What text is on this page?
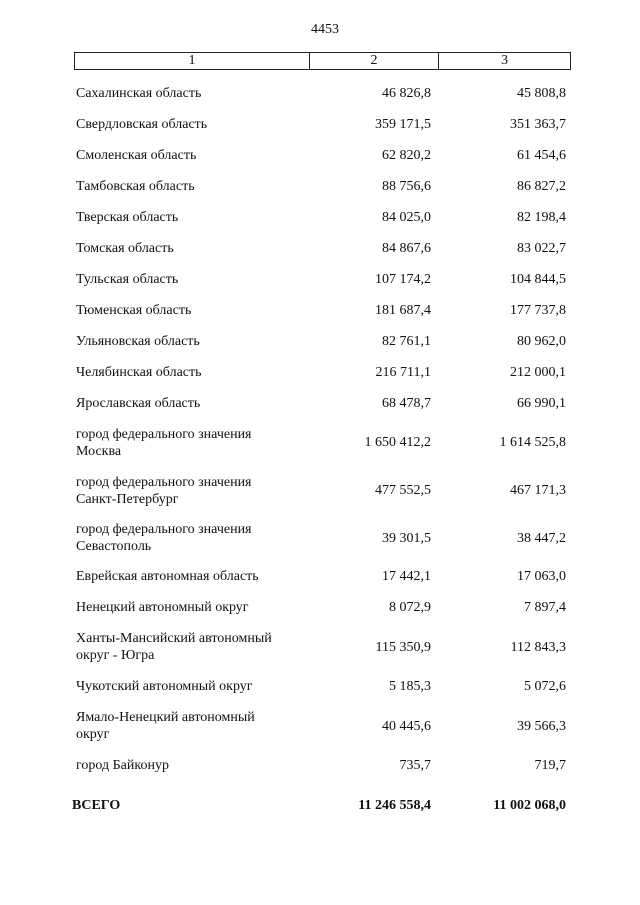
4453
1	2	3
Сахалинская область	46 826,8	45 808,8
Свердловская область	359 171,5	351 363,7
Смоленская область	62 820,2	61 454,6
Тамбовская область	88 756,6	86 827,2
Тверская область	84 025,0	82 198,4
Томская область	84 867,6	83 022,7
Тульская область	107 174,2	104 844,5
Тюменская область	181 687,4	177 737,8
Ульяновская область	82 761,1	80 962,0
Челябинская область	216 711,1	212 000,1
Ярославская область	68 478,7	66 990,1
город федерального значения
Москва
1 650 412,2	1 614 525,8
город федерального значения
Санкт-Петербург
477 552,5	467 171,3
город федерального значения
Севастополь
39 301,5	38 447,2
Еврейская автономная область	17 442,1	17 063,0
Ненецкий автономный округ	8 072,9	7 897,4
Ханты-Мансийский автономный
округ - Югра
115 350,9	112 843,3
Чукотский автономный округ	5 185,3	5 072,6
Ямало-Ненецкий автономный
округ
40 445,6	39 566,3
город Байконур	735,7	719,7
ВСЕГО	11 246 558,4	11 002 068,0
